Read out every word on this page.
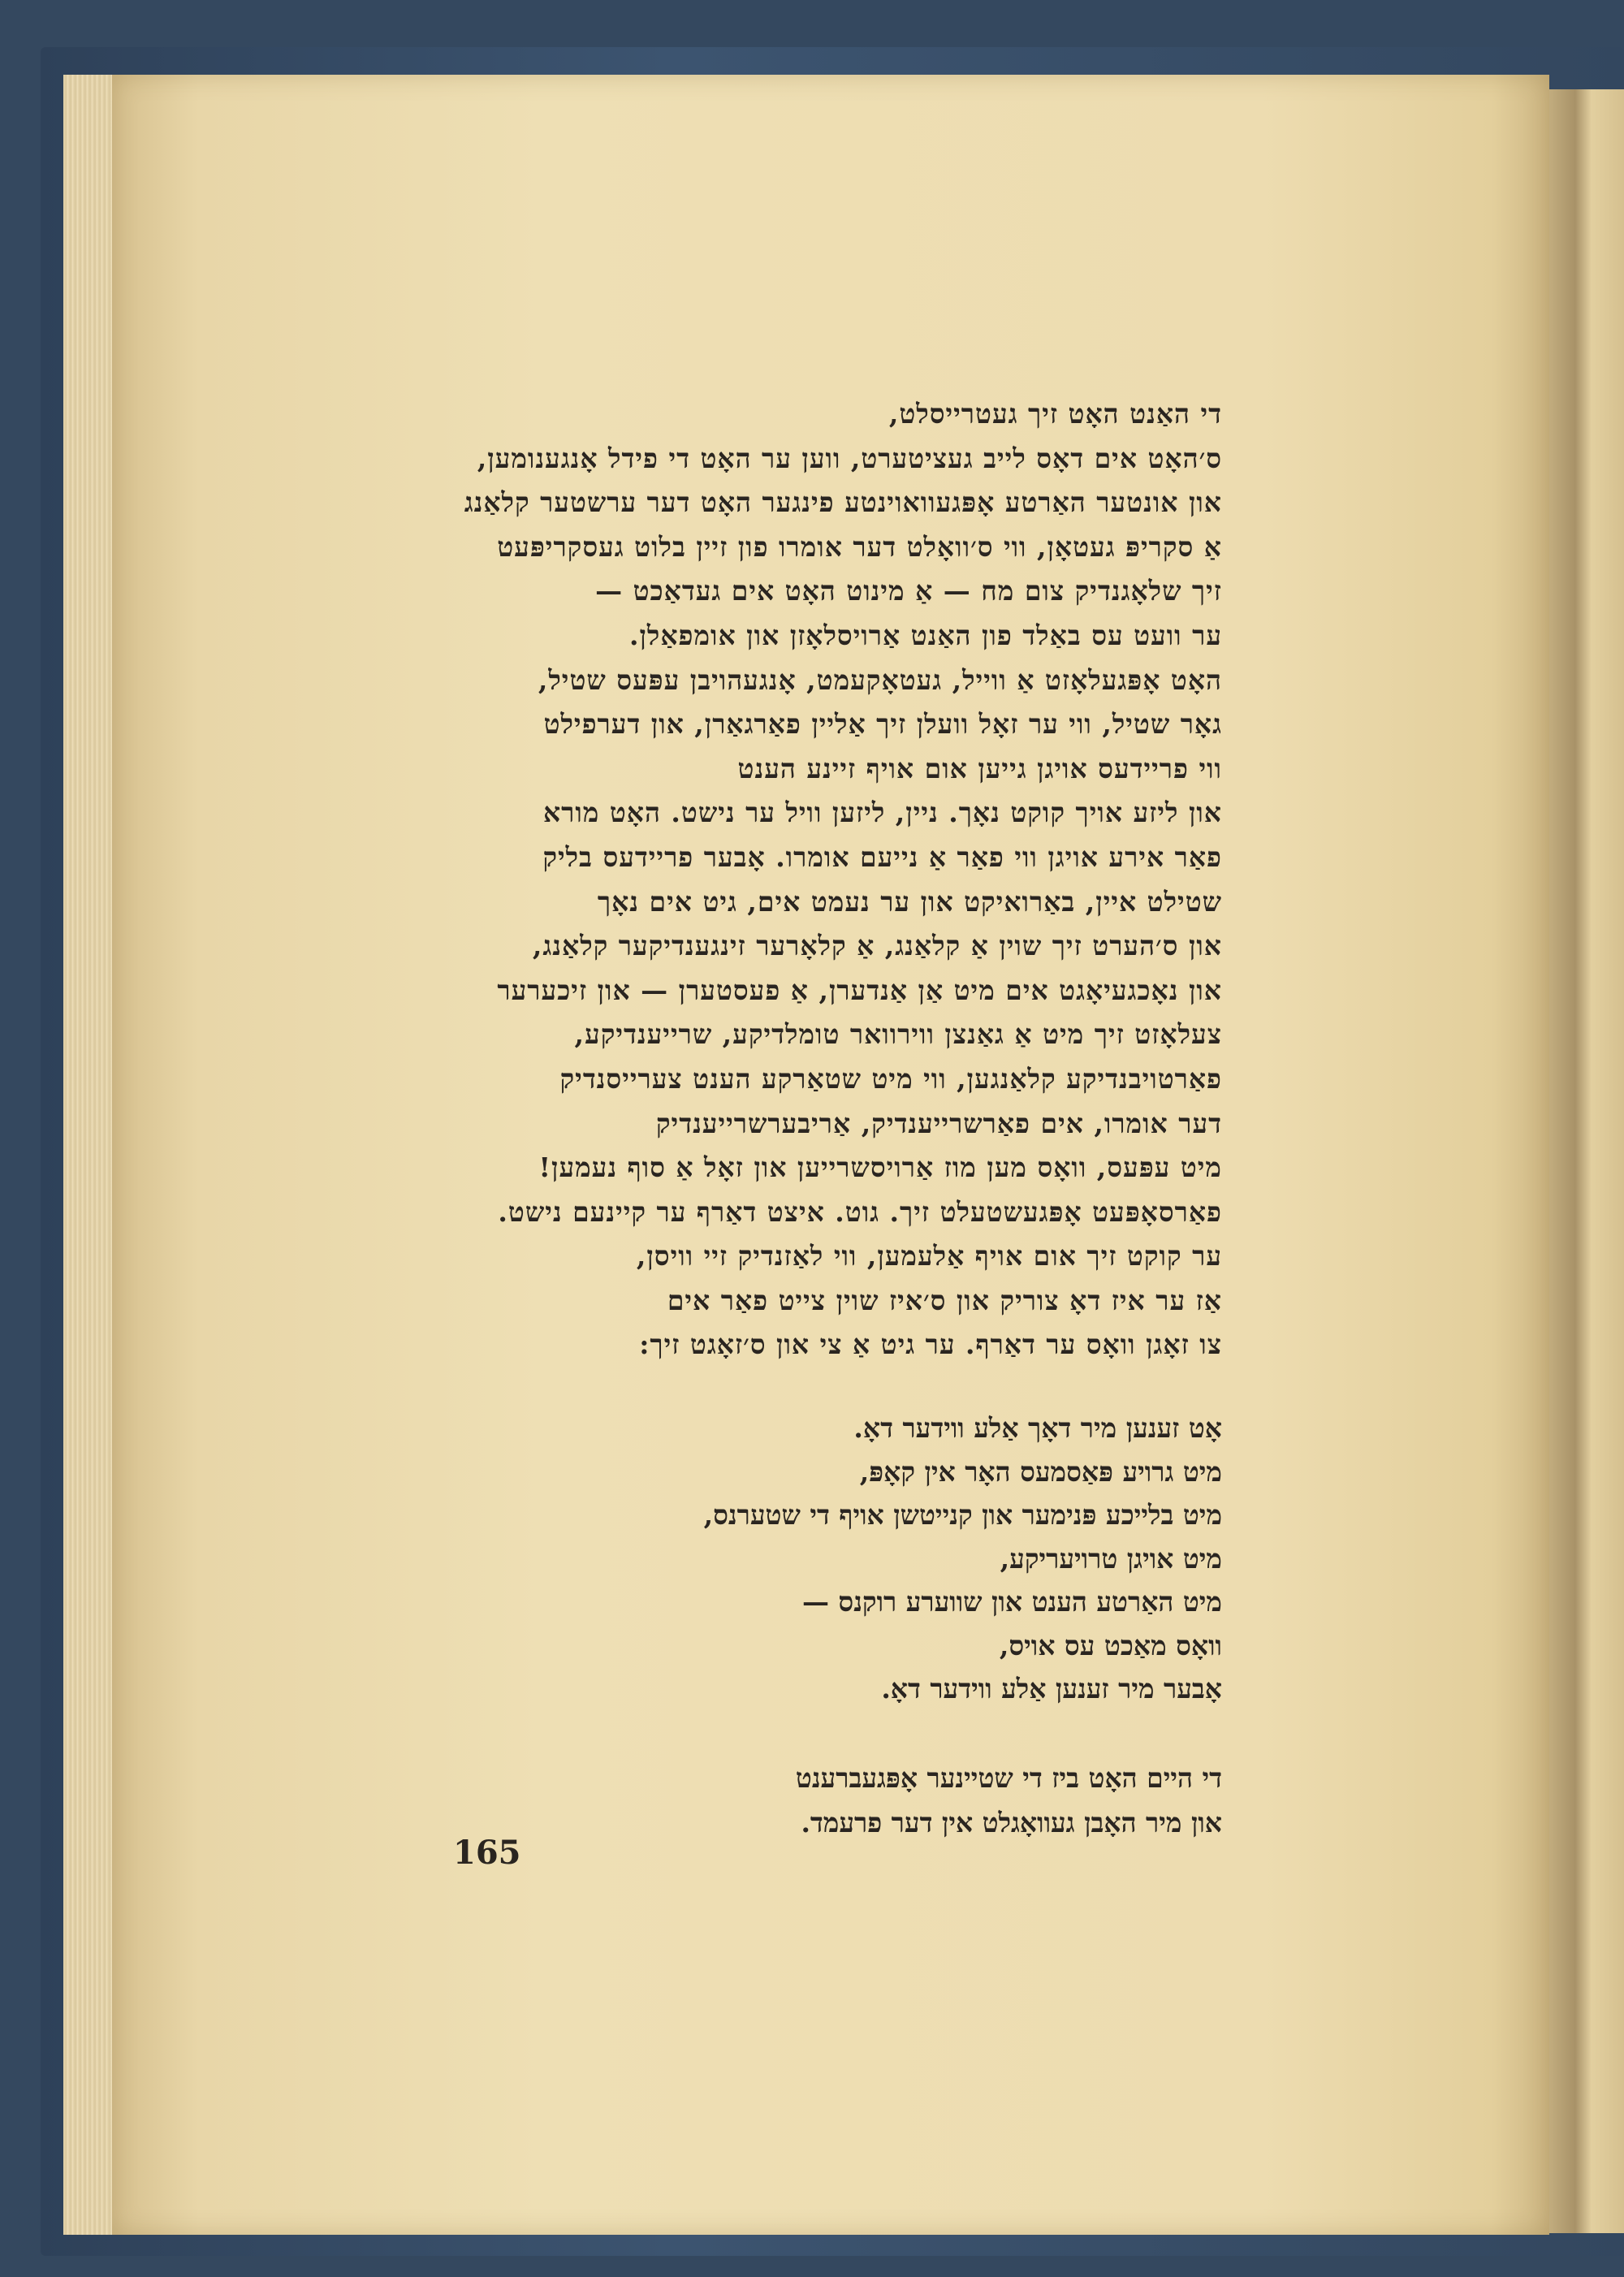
די האַנט האָט זיך געטרייסלט,
ס׳האָט אים דאָס לייב געציטערט, ווען ער האָט די פידל אָנגענומען,
און אונטער האַרטע אָפּגעוואוינטע פינגער האָט דער ערשטער קלאַנג
אַ סקריפּ געטאָן, ווי ס׳וואָלט דער אומרו פון זיין בלוט געסקריפּעט
זיך שלאָגנדיק צום מח — אַ מינוט האָט אים געדאַכט —
ער וועט עס באַלד פון האַנט אַרויסלאָזן און אומפאַלן.
האָט אָפּגעלאָזט אַ ווייל, געטאָקעמט, אָנגעהויבן עפּעס שטיל,
גאָר שטיל, ווי ער זאָל וועלן זיך אַליין פאַרגאַרן, און דערפילט
ווי פריידעס אויגן גייען אום אויף זיינע הענט
און ליזע אויך קוקט נאָך. ניין, ליזען וויל ער נישט. האָט מורא
פאַר אירע אויגן ווי פאַר אַ נייעם אומרו. אָבער פריידעס בליק
שטילט איין, באַרואיקט און ער נעמט אים, גיט אים נאָך
און ס׳הערט זיך שוין אַ קלאַנג, אַ קלאָרער זינגענדיקער קלאַנג,
און נאָכגעיאָגט אים מיט אַן אַנדערן, אַ פעסטערן — און זיכערער
צעלאָזט זיך מיט אַ גאַנצן ווירוואר טומלדיקע, שרייענדיקע,
פאַרטויבנדיקע קלאַנגען, ווי מיט שטאַרקע הענט צערייסנדיק
דער אומרו, אים פאַרשרייענדיק, אַריבערשרייענדיק
מיט עפּעס, וואָס מען מוז אַרויסשרייען און זאָל אַ סוף נעמען!
פאַרסאָפּעט אָפּגעשטעלט זיך. גוט. איצט דאַרף ער קיינעם נישט.
ער קוקט זיך אום אויף אַלעמען, ווי לאַזנדיק זיי וויסן,
אַז ער איז דאָ צוריק און ס׳איז שוין צייט פאַר אים
צו זאָגן וואָס ער דאַרף. ער גיט אַ צי און ס׳זאָגט זיך:
אָט זענען מיר דאָך אַלע ווידער דאָ.
מיט גרויע פּאַסמעס האָר אין קאָפּ,
מיט בלייכע פּנימער און קנייטשן אויף די שטערנס,
מיט אויגן טרויעריקע,
מיט האַרטע הענט און שווערע רוקנס —
וואָס מאַכט עס אויס,
אָבער מיר זענען אַלע ווידער דאָ.
די היים האָט ביז די שטיינער אָפּגעברענט
און מיר האָבן געוואָגלט אין דער פרעמד.
165
